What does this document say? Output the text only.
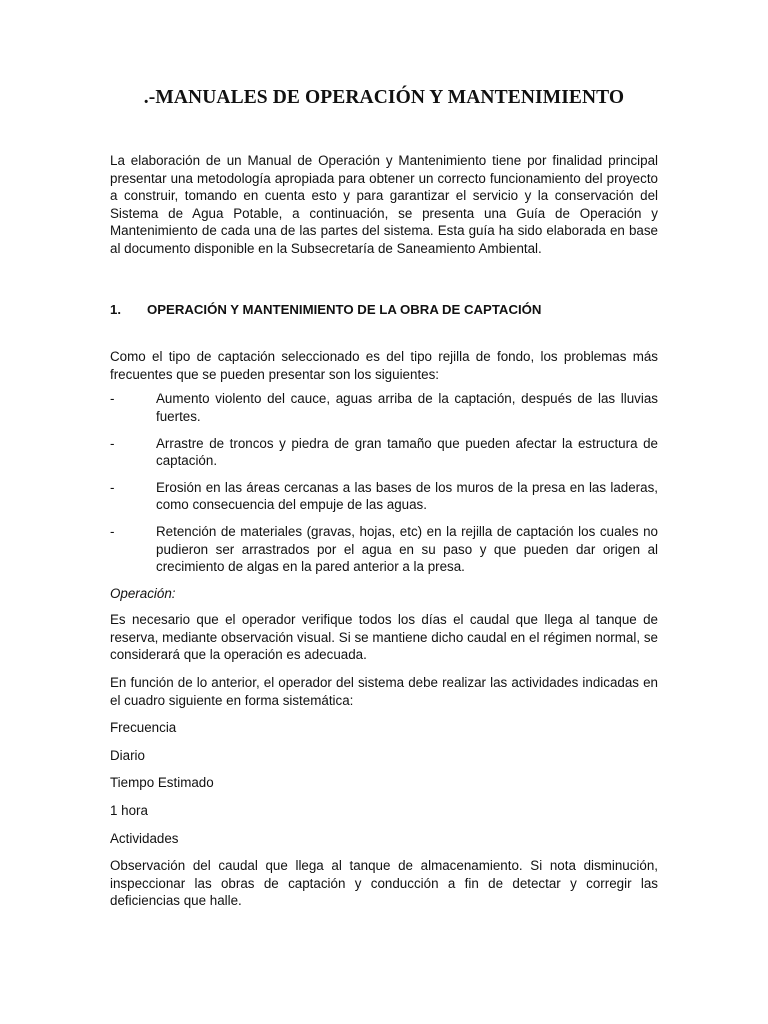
.-MANUALES DE OPERACIÓN Y MANTENIMIENTO

La elaboración de un Manual de Operación y Mantenimiento tiene por finalidad principal presentar una metodología apropiada para obtener un correcto funcionamiento del proyecto a construir, tomando en cuenta esto y para garantizar el servicio y la conservación del Sistema de Agua Potable, a continuación, se presenta una Guía de Operación y Mantenimiento de cada una de las partes del sistema. Esta guía ha sido elaborada en base al documento disponible en la Subsecretaría de Saneamiento Ambiental.

1.	OPERACIÓN Y MANTENIMIENTO DE LA OBRA DE CAPTACIÓN

Como el tipo de captación seleccionado es del tipo rejilla de fondo, los problemas más frecuentes que se pueden presentar son los siguientes:

-	Aumento violento del cauce, aguas arriba de la captación, después de las lluvias fuertes.
-	Arrastre de troncos y piedra de gran tamaño que pueden afectar la estructura de captación.
-	Erosión en las áreas cercanas a las bases de los muros de la presa en las laderas, como consecuencia del empuje de las aguas.
-	Retención de materiales (gravas, hojas, etc) en la rejilla de captación los cuales no pudieron ser arrastrados por el agua en su paso y que pueden dar origen al crecimiento de algas en la pared anterior a la presa.

Operación:

Es necesario que el operador verifique todos los días el caudal que llega al tanque de reserva, mediante observación visual. Si se mantiene dicho caudal en el régimen normal, se considerará que la operación es adecuada.

En función de lo anterior, el operador del sistema debe realizar las actividades indicadas en el cuadro siguiente en forma sistemática:

Frecuencia

Diario

Tiempo Estimado

1 hora

Actividades

Observación del caudal que llega al tanque de almacenamiento. Si nota disminución, inspeccionar las obras de captación y conducción a fin de detectar y corregir las deficiencias que halle.
